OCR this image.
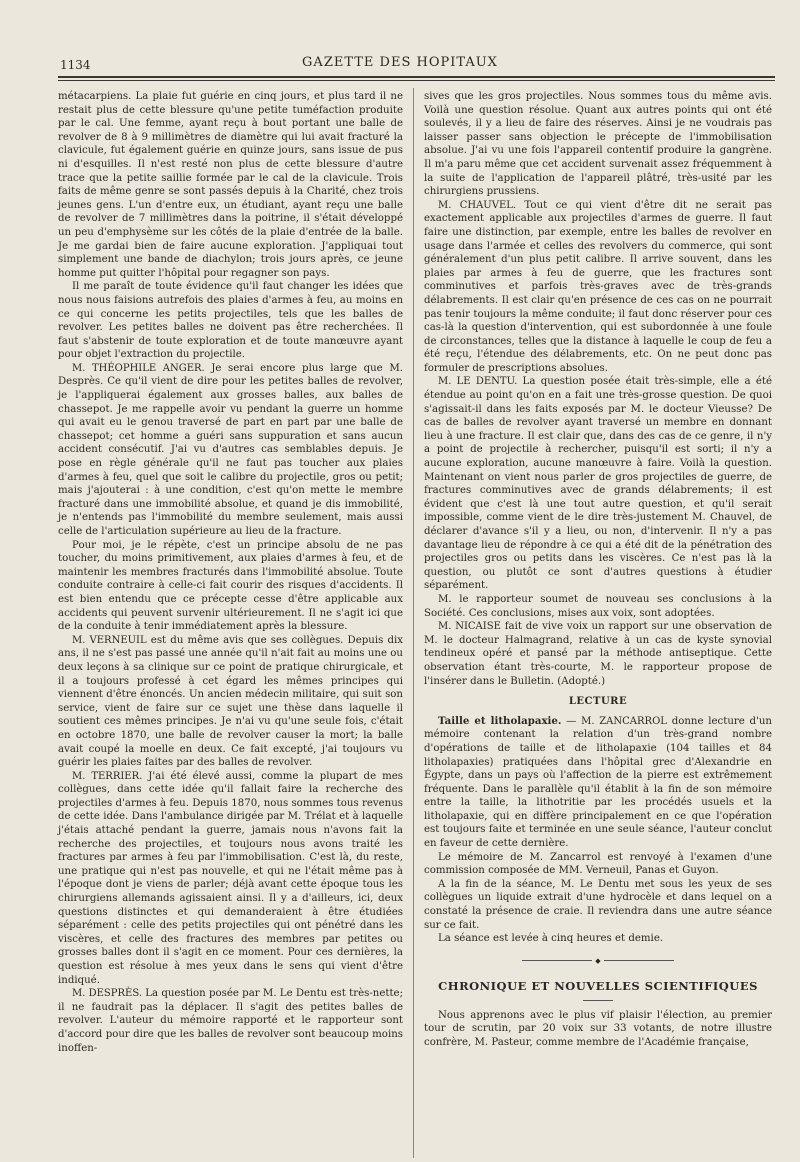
1134	GAZETTE DES HOPITAUX

métacarpiens. La plaie fut guérie en cinq jours, et plus tard il ne restait plus de cette blessure qu'une petite tuméfaction produite par le cal. Une femme, ayant reçu à bout portant une balle de revolver de 8 à 9 millimètres de diamètre qui lui avait fracturé la clavicule, fut également guérie en quinze jours, sans issue de pus ni d'esquilles. Il n'est resté non plus de cette blessure d'autre trace que la petite saillie formée par le cal de la clavicule. Trois faits de même genre se sont passés depuis à la Charité, chez trois jeunes gens. L'un d'entre eux, un étudiant, ayant reçu une balle de revolver de 7 millimètres dans la poitrine, il s'était développé un peu d'emphysème sur les côtés de la plaie d'entrée de la balle. Je me gardai bien de faire aucune exploration. J'appliquai tout simplement une bande de diachylon; trois jours après, ce jeune homme put quitter l'hôpital pour regagner son pays.

Il me paraît de toute évidence qu'il faut changer les idées que nous nous faisions autrefois des plaies d'armes à feu, au moins en ce qui concerne les petits projectiles, tels que les balles de revolver. Les petites balles ne doivent pas être recherchées. Il faut s'abstenir de toute exploration et de toute manœuvre ayant pour objet l'extraction du projectile.

M. THÉOPHILE ANGER. Je serai encore plus large que M. Desprès. Ce qu'il vient de dire pour les petites balles de revolver, je l'appliquerai également aux grosses balles, aux balles de chassepot. Je me rappelle avoir vu pendant la guerre un homme qui avait eu le genou traversé de part en part par une balle de chassepot; cet homme a guéri sans suppuration et sans aucun accident consécutif. J'ai vu d'autres cas semblables depuis. Je pose en règle générale qu'il ne faut pas toucher aux plaies d'armes à feu, quel que soit le calibre du projectile, gros ou petit; mais j'ajouterai : à une condition, c'est qu'on mette le membre fracturé dans une immobilité absolue, et quand je dis immobilité, je n'entends pas l'immobilité du membre seulement, mais aussi celle de l'articulation supérieure au lieu de la fracture.

Pour moi, je le répète, c'est un principe absolu de ne pas toucher, du moins primitivement, aux plaies d'armes à feu, et de maintenir les membres fracturés dans l'immobilité absolue. Toute conduite contraire à celle-ci fait courir des risques d'accidents. Il est bien entendu que ce précepte cesse d'être applicable aux accidents qui peuvent survenir ultérieurement. Il ne s'agit ici que de la conduite à tenir immédiatement après la blessure.

M. VERNEUIL est du même avis que ses collègues. Depuis dix ans, il ne s'est pas passé une année qu'il n'ait fait au moins une ou deux leçons à sa clinique sur ce point de pratique chirurgicale, et il a toujours professé à cet égard les mêmes principes qui viennent d'être énoncés. Un ancien médecin militaire, qui suit son service, vient de faire sur ce sujet une thèse dans laquelle il soutient ces mêmes principes. Je n'ai vu qu'une seule fois, c'était en octobre 1870, une balle de revolver causer la mort; la balle avait coupé la moelle en deux. Ce fait excepté, j'ai toujours vu guérir les plaies faites par des balles de revolver.

M. TERRIER. J'ai été élevé aussi, comme la plupart de mes collègues, dans cette idée qu'il fallait faire la recherche des projectiles d'armes à feu. Depuis 1870, nous sommes tous revenus de cette idée. Dans l'ambulance dirigée par M. Trélat et à laquelle j'étais attaché pendant la guerre, jamais nous n'avons fait la recherche des projectiles, et toujours nous avons traité les fractures par armes à feu par l'immobilisation. C'est là, du reste, une pratique qui n'est pas nouvelle, et qui ne l'était même pas à l'époque dont je viens de parler; déjà avant cette époque tous les chirurgiens allemands agissaient ainsi. Il y a d'ailleurs, ici, deux questions distinctes et qui demanderaient à être étudiées séparément : celle des petits projectiles qui ont pénétré dans les viscères, et celle des fractures des membres par petites ou grosses balles dont il s'agit en ce moment. Pour ces dernières, la question est résolue à mes yeux dans le sens qui vient d'être indiqué.

M. DESPRÈS. La question posée par M. Le Dentu est très-nette; il ne faudrait pas la déplacer. Il s'agit des petites balles de revolver. L'auteur du mémoire rapporté et le rapporteur sont d'accord pour dire que les balles de revolver sont beaucoup moins inoffen-

sives que les gros projectiles. Nous sommes tous du même avis. Voilà une question résolue. Quant aux autres points qui ont été soulevés, il y a lieu de faire des réserves. Ainsi je ne voudrais pas laisser passer sans objection le précepte de l'immobilisation absolue. J'ai vu une fois l'appareil contentif produire la gangrène. Il m'a paru même que cet accident survenait assez fréquemment à la suite de l'application de l'appareil plâtré, très-usité par les chirurgiens prussiens.

M. CHAUVEL. Tout ce qui vient d'être dit ne serait pas exactement applicable aux projectiles d'armes de guerre. Il faut faire une distinction, par exemple, entre les balles de revolver en usage dans l'armée et celles des revolvers du commerce, qui sont généralement d'un plus petit calibre. Il arrive souvent, dans les plaies par armes à feu de guerre, que les fractures sont comminutives et parfois très-graves avec de très-grands délabrements. Il est clair qu'en présence de ces cas on ne pourrait pas tenir toujours la même conduite; il faut donc réserver pour ces cas-là la question d'intervention, qui est subordonnée à une foule de circonstances, telles que la distance à laquelle le coup de feu a été reçu, l'étendue des délabrements, etc. On ne peut donc pas formuler de prescriptions absolues.

M. LE DENTU. La question posée était très-simple, elle a été étendue au point qu'on en a fait une très-grosse question. De quoi s'agissait-il dans les faits exposés par M. le docteur Vieusse? De cas de balles de revolver ayant traversé un membre en donnant lieu à une fracture. Il est clair que, dans des cas de ce genre, il n'y a point de projectile à rechercher, puisqu'il est sorti; il n'y a aucune exploration, aucune manœuvre à faire. Voilà la question. Maintenant on vient nous parler de gros projectiles de guerre, de fractures comminutives avec de grands délabrements; il est évident que c'est là une tout autre question, et qu'il serait impossible, comme vient de le dire très-justement M. Chauvel, de déclarer d'avance s'il y a lieu, ou non, d'intervenir. Il n'y a pas davantage lieu de répondre à ce qui a été dit de la pénétration des projectiles gros ou petits dans les viscères. Ce n'est pas là la question, ou plutôt ce sont d'autres questions à étudier séparément.

M. le rapporteur soumet de nouveau ses conclusions à la Société. Ces conclusions, mises aux voix, sont adoptées.

M. NICAISE fait de vive voix un rapport sur une observation de M. le docteur Halmagrand, relative à un cas de kyste synovial tendineux opéré et pansé par la méthode antiseptique. Cette observation étant très-courte, M. le rapporteur propose de l'insérer dans le Bulletin. (Adopté.)

LECTURE

Taille et litholapaxie. — M. ZANCARROL donne lecture d'un mémoire contenant la relation d'un très-grand nombre d'opérations de taille et de litholapaxie (104 tailles et 84 litholapaxies) pratiquées dans l'hôpital grec d'Alexandrie en Égypte, dans un pays où l'affection de la pierre est extrêmement fréquente. Dans le parallèle qu'il établit à la fin de son mémoire entre la taille, la lithotritie par les procédés usuels et la litholapaxie, qui en diffère principalement en ce que l'opération est toujours faite et terminée en une seule séance, l'auteur conclut en faveur de cette dernière.

Le mémoire de M. Zancarrol est renvoyé à l'examen d'une commission composée de MM. Verneuil, Panas et Guyon.

A la fin de la séance, M. Le Dentu met sous les yeux de ses collègues un liquide extrait d'une hydrocèle et dans lequel on a constaté la présence de craie. Il reviendra dans une autre séance sur ce fait.

La séance est levée à cinq heures et demie.

◆
CHRONIQUE ET NOUVELLES SCIENTIFIQUES

Nous apprenons avec le plus vif plaisir l'élection, au premier tour de scrutin, par 20 voix sur 33 votants, de notre illustre confrère, M. Pasteur, comme membre de l'Académie française,
